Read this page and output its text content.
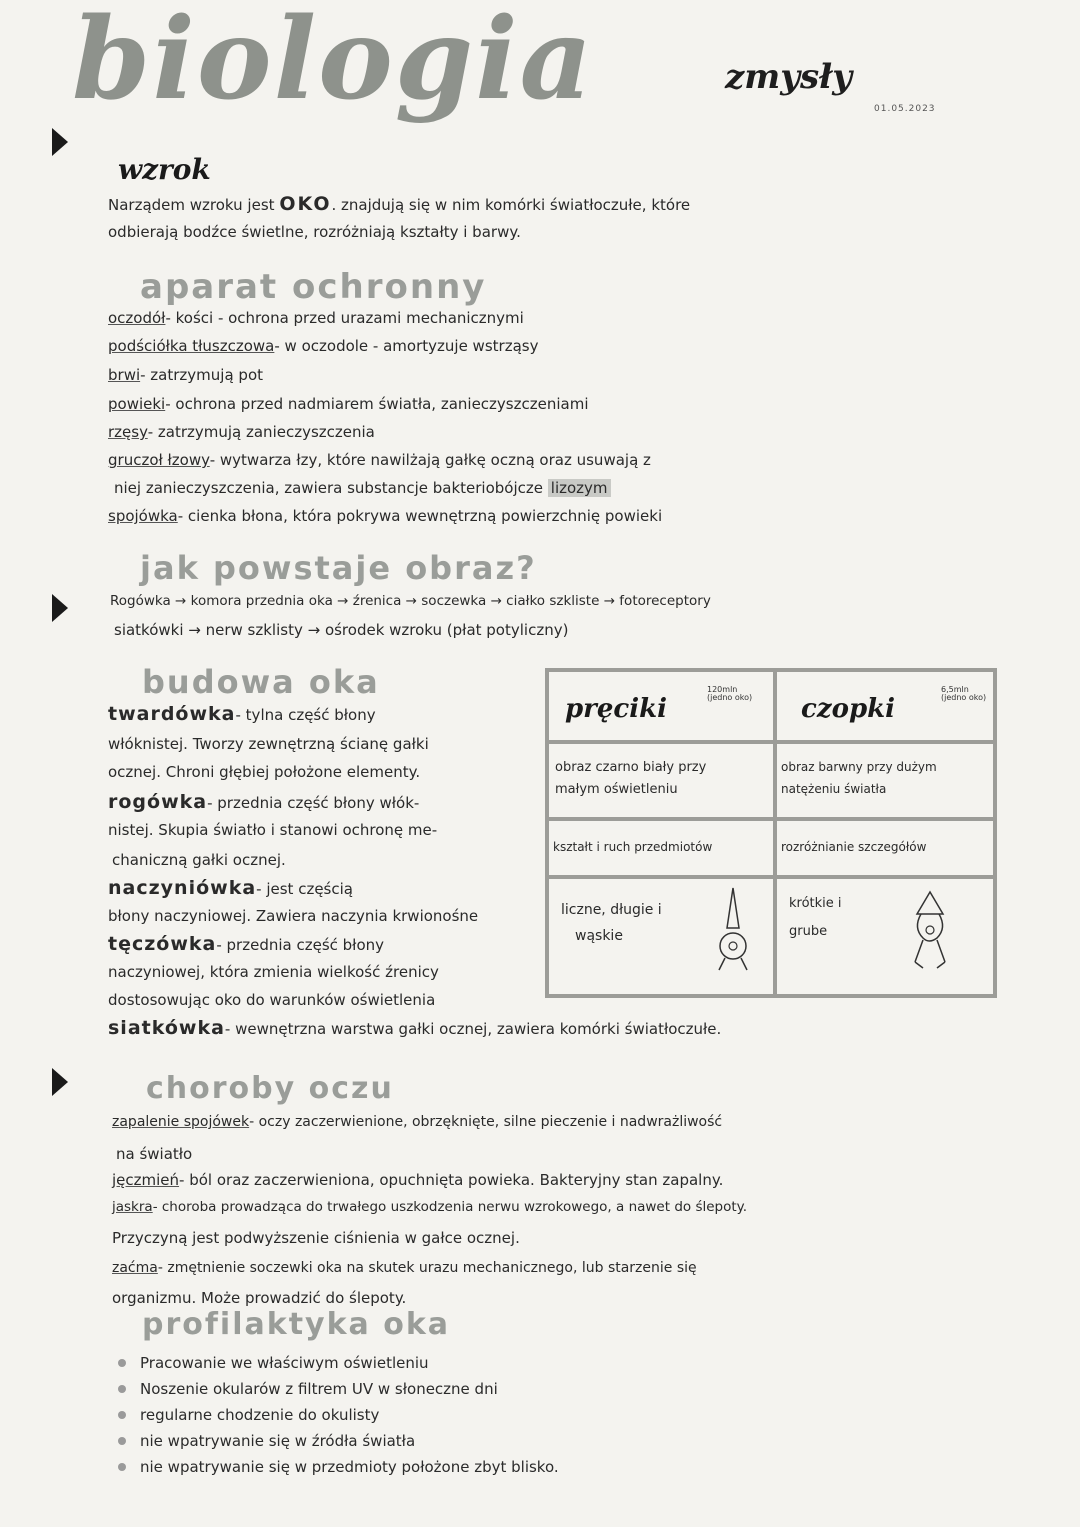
biologia	zmysły
01.05.2023
wzrok
Narządem wzroku jest OKO. znajdują się w nim komórki światłoczułe, które
odbierają bodźce świetlne, rozróżniają kształty i barwy.
aparat ochronny
oczodół- kości - ochrona przed urazami mechanicznymi
podściółka tłuszczowa- w oczodole - amortyzuje wstrząsy
brwi- zatrzymują pot
powieki- ochrona przed nadmiarem światła, zanieczyszczeniami
rzęsy- zatrzymują zanieczyszczenia
gruczoł łzowy- wytwarza łzy, które nawilżają gałkę oczną oraz usuwają z
niej zanieczyszczenia, zawiera substancje bakteriobójcze lizozym
spojówka- cienka błona, która pokrywa wewnętrzną powierzchnię powieki
jak powstaje obraz?
Rogówka → komora przednia oka → źrenica → soczewka → ciałko szkliste → fotoreceptory
siatkówki → nerw szklisty → ośrodek wzroku (płat potyliczny)
budowa oka
twardówka- tylna część błony
włóknistej. Tworzy zewnętrzną ścianę gałki
ocznej. Chroni głębiej położone elementy.
rogówka- przednia część błony włók-
nistej. Skupia światło i stanowi ochronę me-
chaniczną gałki ocznej.
naczyniówka- jest częścią
błony naczyniowej. Zawiera naczynia krwionośne
tęczówka- przednia część błony
naczyniowej, która zmienia wielkość źrenicy
dostosowując oko do warunków oświetlenia
siatkówka- wewnętrzna warstwa gałki ocznej, zawiera komórki światłoczułe.
pręciki
120mln (jedno oko) czopki
6,5mln (jedno oko)
obraz czarno biały przy
małym oświetleniu
obraz barwny przy dużym
natężeniu światła
kształt i ruch przedmiotów	rozróżnianie szczegółów
liczne, długie i
wąskie
krótkie i
grube
choroby oczu
zapalenie spojówek- oczy zaczerwienione, obrzęknięte, silne pieczenie i nadwrażliwość
na światło
jęczmień- ból oraz zaczerwieniona, opuchnięta powieka. Bakteryjny stan zapalny.
jaskra- choroba prowadząca do trwałego uszkodzenia nerwu wzrokowego, a nawet do ślepoty.
Przyczyną jest podwyższenie ciśnienia w gałce ocznej.
zaćma- zmętnienie soczewki oka na skutek urazu mechanicznego, lub starzenie się
organizmu. Może prowadzić do ślepoty.
profilaktyka oka
Pracowanie we właściwym oświetleniu
Noszenie okularów z filtrem UV w słoneczne dni
regularne chodzenie do okulisty
nie wpatrywanie się w źródła światła
nie wpatrywanie się w przedmioty położone zbyt blisko.
